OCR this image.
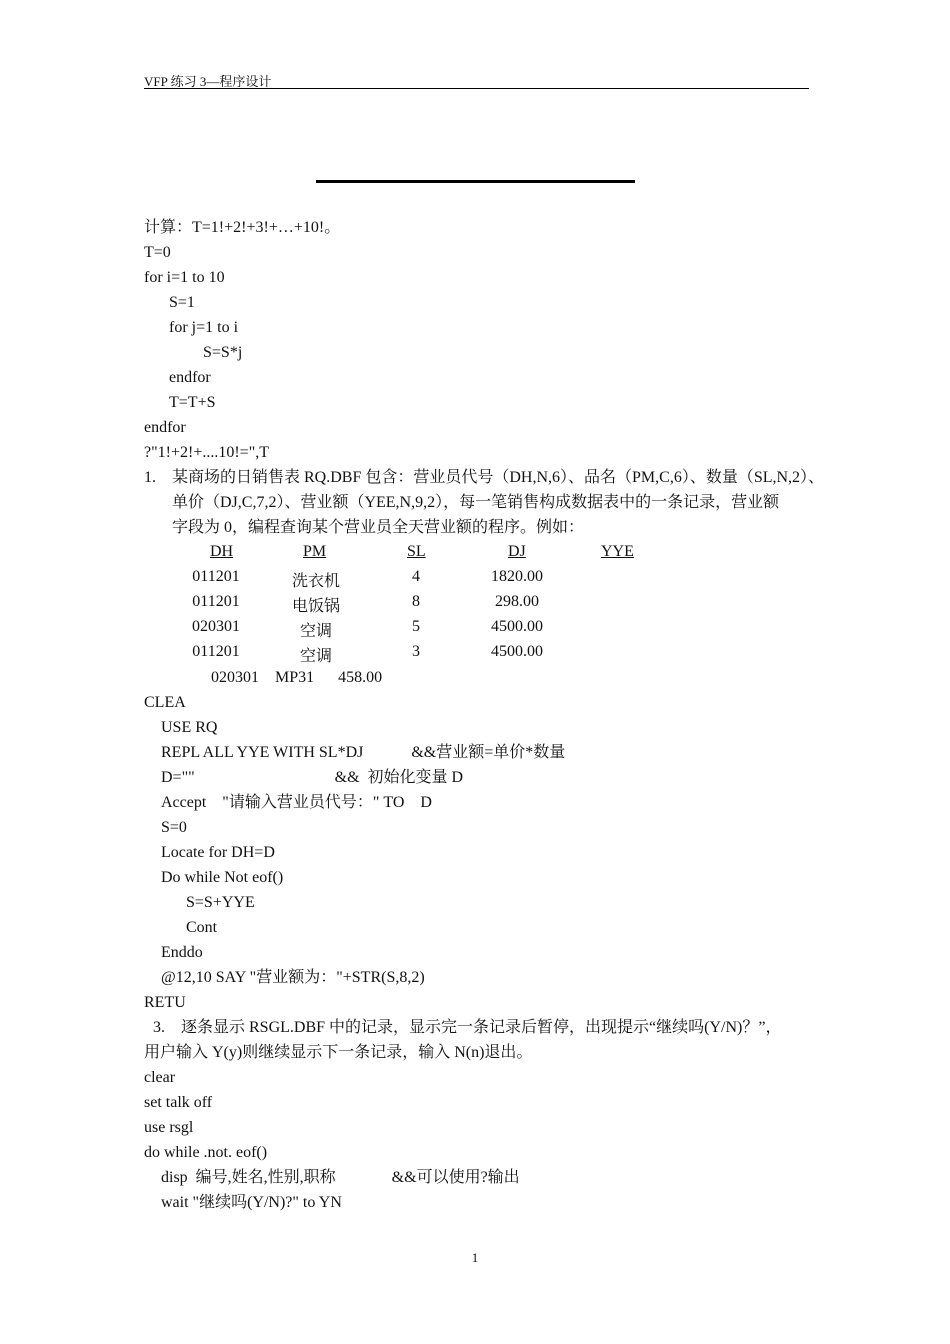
VFP 练习 3—程序设计
计算：T=1!+2!+3!+…+10!。
T=0
for i=1 to 10
S=1
for j=1 to i
S=S*j
endfor
T=T+S
endfor
?"1!+2!+....10!=",T
1. 某商场的日销售表 RQ.DBF 包含：营业员代号（DH,N,6）、品名（PM,C,6）、数量（SL,N,2）、
单价（DJ,C,7,2）、营业额（YEE,N,9,2），每一笔销售构成数据表中的一条记录，营业额
字段为 0，编程查询某个营业员全天营业额的程序。例如：
DH	PM	SL	DJ	YYE
011201	洗衣机	4	1820.00
011201	电饭锅	8	298.00
020301	空调	5	4500.00
011201	空调	3	4500.00
020301    MP31      458.00
CLEA
USE RQ
REPL ALL YYE WITH SL*DJ            &&营业额=单价*数量
D=""                                   &&  初始化变量 D
Accept    "请输入营业员代号：" TO    D
S=0
Locate for DH=D
Do while Not eof()
S=S+YYE
Cont
Enddo
@12,10 SAY "营业额为："+STR(S,8,2)
RETU
3.    逐条显示 RSGL.DBF 中的记录，显示完一条记录后暂停，出现提示“继续吗(Y/N)？”，
用户输入 Y(y)则继续显示下一条记录，输入 N(n)退出。
clear
set talk off
use rsgl
do while .not. eof()
disp  编号,姓名,性别,职称              &&可以使用?输出
wait "继续吗(Y/N)?" to YN
1
